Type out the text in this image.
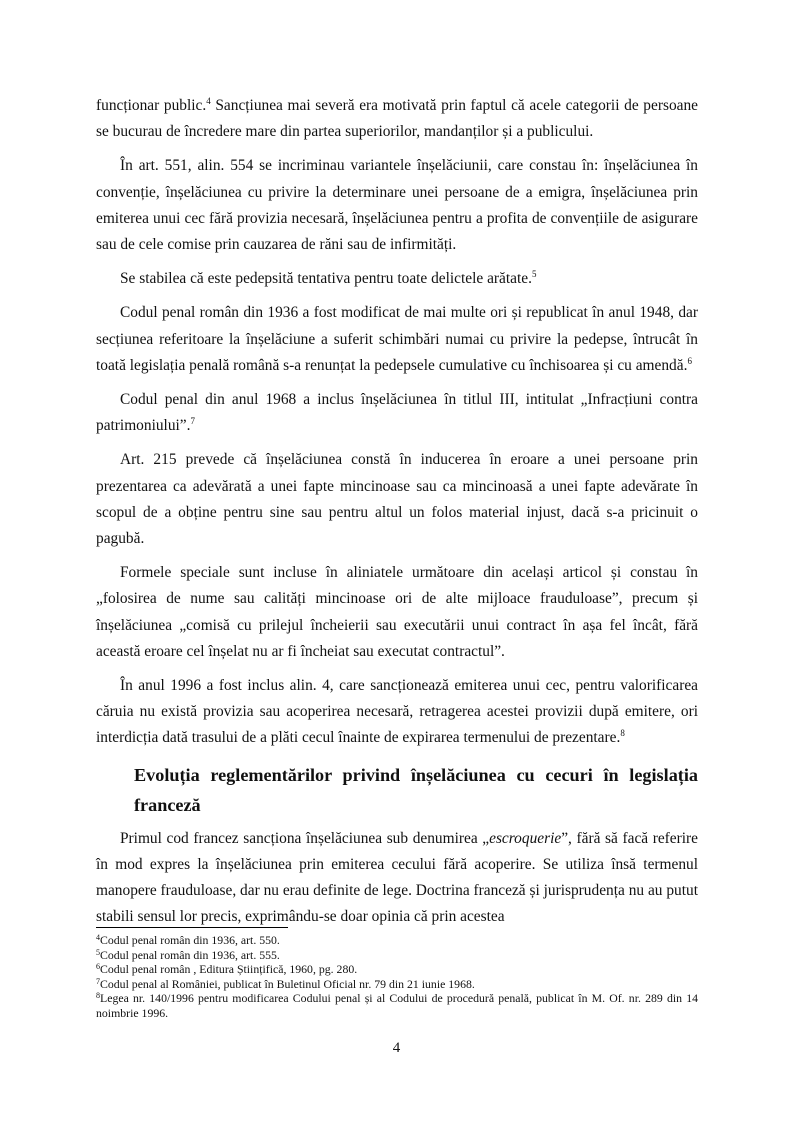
funcționar public.$^4$ Sancțiunea mai severă era motivată prin faptul că acele categorii de persoane se bucurau de încredere mare din partea superiorilor, mandanților și a publicului.

În art. 551, alin. 554 se incriminau variantele înșelăciunii, care constau în: înșelăciunea în convenție, înșelăciunea cu privire la determinare unei persoane de a emigra, înșelăciunea prin emiterea unui cec fără provizia necesară, înșelăciunea pentru a profita de convențiile de asigurare sau de cele comise prin cauzarea de răni sau de infirmități.

Se stabilea că este pedepsită tentativa pentru toate delictele arătate.$^5$

Codul penal român din 1936 a fost modificat de mai multe ori și republicat în anul 1948, dar secțiunea referitoare la înșelăciune a suferit schimbări numai cu privire la pedepse, întrucât în toată legislația penală română s-a renunțat la pedepsele cumulative cu închisoarea și cu amendă.$^6$

Codul penal din anul 1968 a inclus înșelăciunea în titlul III, intitulat „Infracțiuni contra patrimoniului”.$^7$

Art. 215 prevede că înșelăciunea constă în inducerea în eroare a unei persoane prin prezentarea ca adevărată a unei fapte mincinoase sau ca mincinoasă a unei fapte adevărate în scopul de a obține pentru sine sau pentru altul un folos material injust, dacă s-a pricinuit o pagubă.

Formele speciale sunt incluse în aliniatele următoare din același articol și constau în „folosirea de nume sau calități mincinoase ori de alte mijloace frauduloase”, precum și înșelăciunea „comisă cu prilejul încheierii sau executării unui contract în așa fel încât, fără această eroare cel înșelat nu ar fi încheiat sau executat contractul”.

În anul 1996 a fost inclus alin. 4, care sancționează emiterea unui cec, pentru valorificarea căruia nu există provizia sau acoperirea necesară, retragerea acestei provizii după emitere, ori interdicția dată trasului de a plăti cecul înainte de expirarea termenului de prezentare.$^8$

Evoluția reglementărilor privind înșelăciunea cu cecuri în legislația franceză

Primul cod francez sancționa înșelăciunea sub denumirea „escroquerie”, fără să facă referire în mod expres la înșelăciunea prin emiterea cecului fără acoperire. Se utiliza însă termenul manopere frauduloase, dar nu erau definite de lege. Doctrina franceză și jurisprudența nu au putut stabili sensul lor precis, exprimându-se doar opinia că prin acestea

$^4$Codul penal român din 1936, art. 550.
$^5$Codul penal român din 1936, art. 555.
$^6$Codul penal român , Editura Științifică, 1960, pg. 280.
$^7$Codul penal al României, publicat în Buletinul Oficial nr. 79 din 21 iunie 1968.
$^8$Legea nr. 140/1996 pentru modificarea Codului penal și al Codului de procedură penală, publicat în M. Of. nr. 289 din 14 noimbrie 1996.
4
